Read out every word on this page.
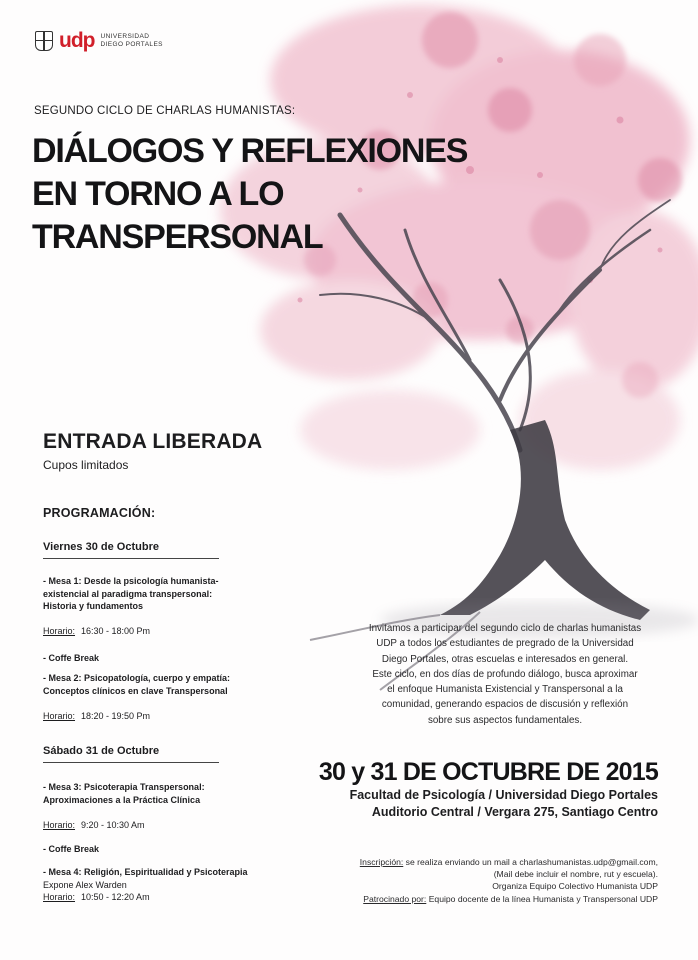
udp UNIVERSIDAD
DIEGO PORTALES
SEGUNDO CICLO DE CHARLAS HUMANISTAS:
DIÁLOGOS Y REFLEXIONES
EN TORNO A LO
TRANSPERSONAL
ENTRADA LIBERADA
Cupos limitados
PROGRAMACIÓN:
Viernes 30 de Octubre
- Mesa 1: Desde la psicología humanista-
existencial al paradigma transpersonal:
Historia y fundamentos
Horario: 16:30 - 18:00 Pm
- Coffe Break
- Mesa 2: Psicopatología, cuerpo y empatía:
Conceptos clínicos en clave Transpersonal
Horario: 18:20 - 19:50 Pm
Sábado 31 de Octubre
- Mesa 3: Psicoterapia Transpersonal:
Aproximaciones a la Práctica Clínica
Horario: 9:20 - 10:30 Am
- Coffe Break
- Mesa 4: Religión, Espiritualidad y Psicoterapia
Expone Alex Warden
Horario: 10:50 - 12:20 Am
Invitamos a participar del segundo ciclo de charlas humanistas
UDP a todos los estudiantes de pregrado de la Universidad
Diego Portales, otras escuelas e interesados en general.
Este ciclo, en dos días de profundo diálogo, busca aproximar
el enfoque Humanista Existencial y Transpersonal a la
comunidad, generando espacios de discusión y reflexión
sobre sus aspectos fundamentales.
30 y 31 DE OCTUBRE DE 2015
Facultad de Psicología / Universidad Diego Portales
Auditorio Central / Vergara 275, Santiago Centro
Inscripción: se realiza enviando un mail a charlashumanistas.udp@gmail.com,
(Mail debe incluir el nombre, rut y escuela).
Organiza Equipo Colectivo Humanista UDP
Patrocinado por: Equipo docente de la línea Humanista y Transpersonal UDP
